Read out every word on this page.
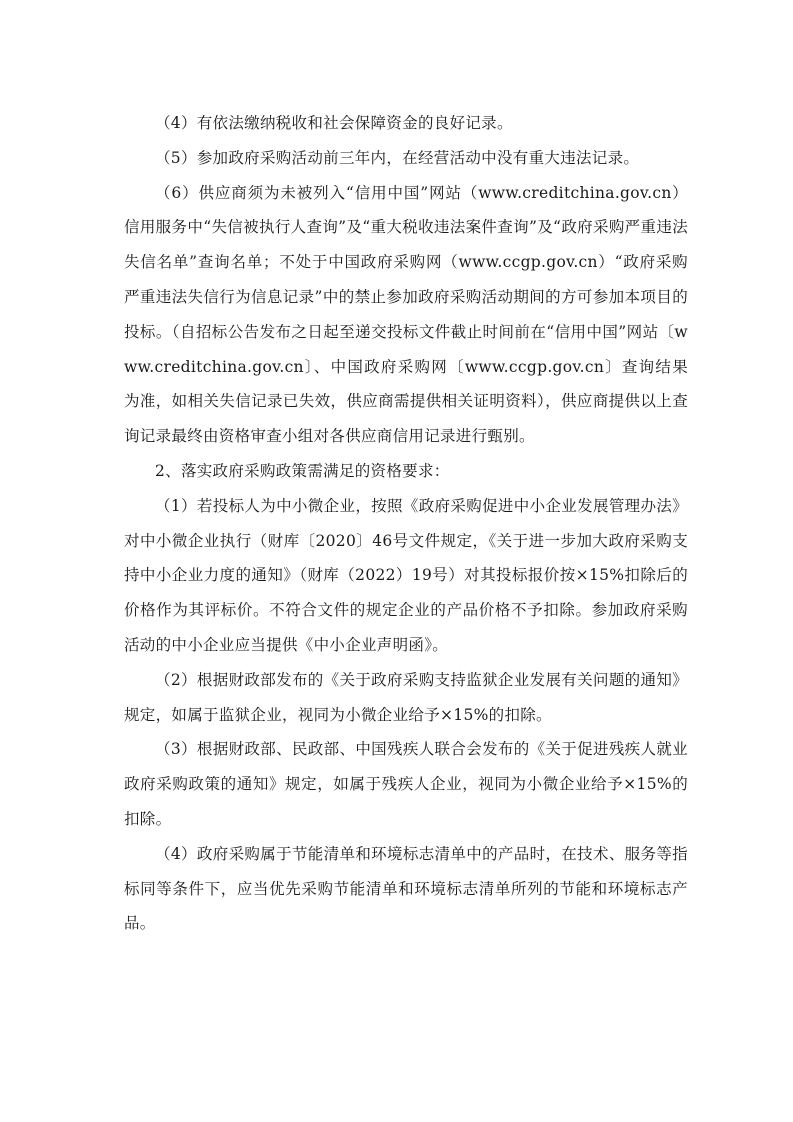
（4）有依法缴纳税收和社会保障资金的良好记录。

（5）参加政府采购活动前三年内，在经营活动中没有重大违法记录。

（6）供应商须为未被列入“信用中国”网站（www.creditchina.gov.cn）信用服务中“失信被执行人查询”及“重大税收违法案件查询”及“政府采购严重违法失信名单”查询名单；不处于中国政府采购网（www.ccgp.gov.cn）“政府采购严重违法失信行为信息记录”中的禁止参加政府采购活动期间的方可参加本项目的投标。（自招标公告发布之日起至递交投标文件截止时间前在“信用中国”网站〔www.creditchina.gov.cn〕、中国政府采购网〔www.ccgp.gov.cn〕查询结果为准，如相关失信记录已失效，供应商需提供相关证明资料），供应商提供以上查询记录最终由资格审查小组对各供应商信用记录进行甄别。

2、落实政府采购政策需满足的资格要求：

（1）若投标人为中小微企业，按照《政府采购促进中小企业发展管理办法》对中小微企业执行（财库〔2020〕46号文件规定，《关于进一步加大政府采购支持中小企业力度的通知》（财库（2022）19号）对其投标报价按×15%扣除后的价格作为其评标价。不符合文件的规定企业的产品价格不予扣除。参加政府采购活动的中小企业应当提供《中小企业声明函》。

（2）根据财政部发布的《关于政府采购支持监狱企业发展有关问题的通知》规定，如属于监狱企业，视同为小微企业给予×15%的扣除。

（3）根据财政部、民政部、中国残疾人联合会发布的《关于促进残疾人就业政府采购政策的通知》规定，如属于残疾人企业，视同为小微企业给予×15%的扣除。

（4）政府采购属于节能清单和环境标志清单中的产品时，在技术、服务等指标同等条件下，应当优先采购节能清单和环境标志清单所列的节能和环境标志产品。
